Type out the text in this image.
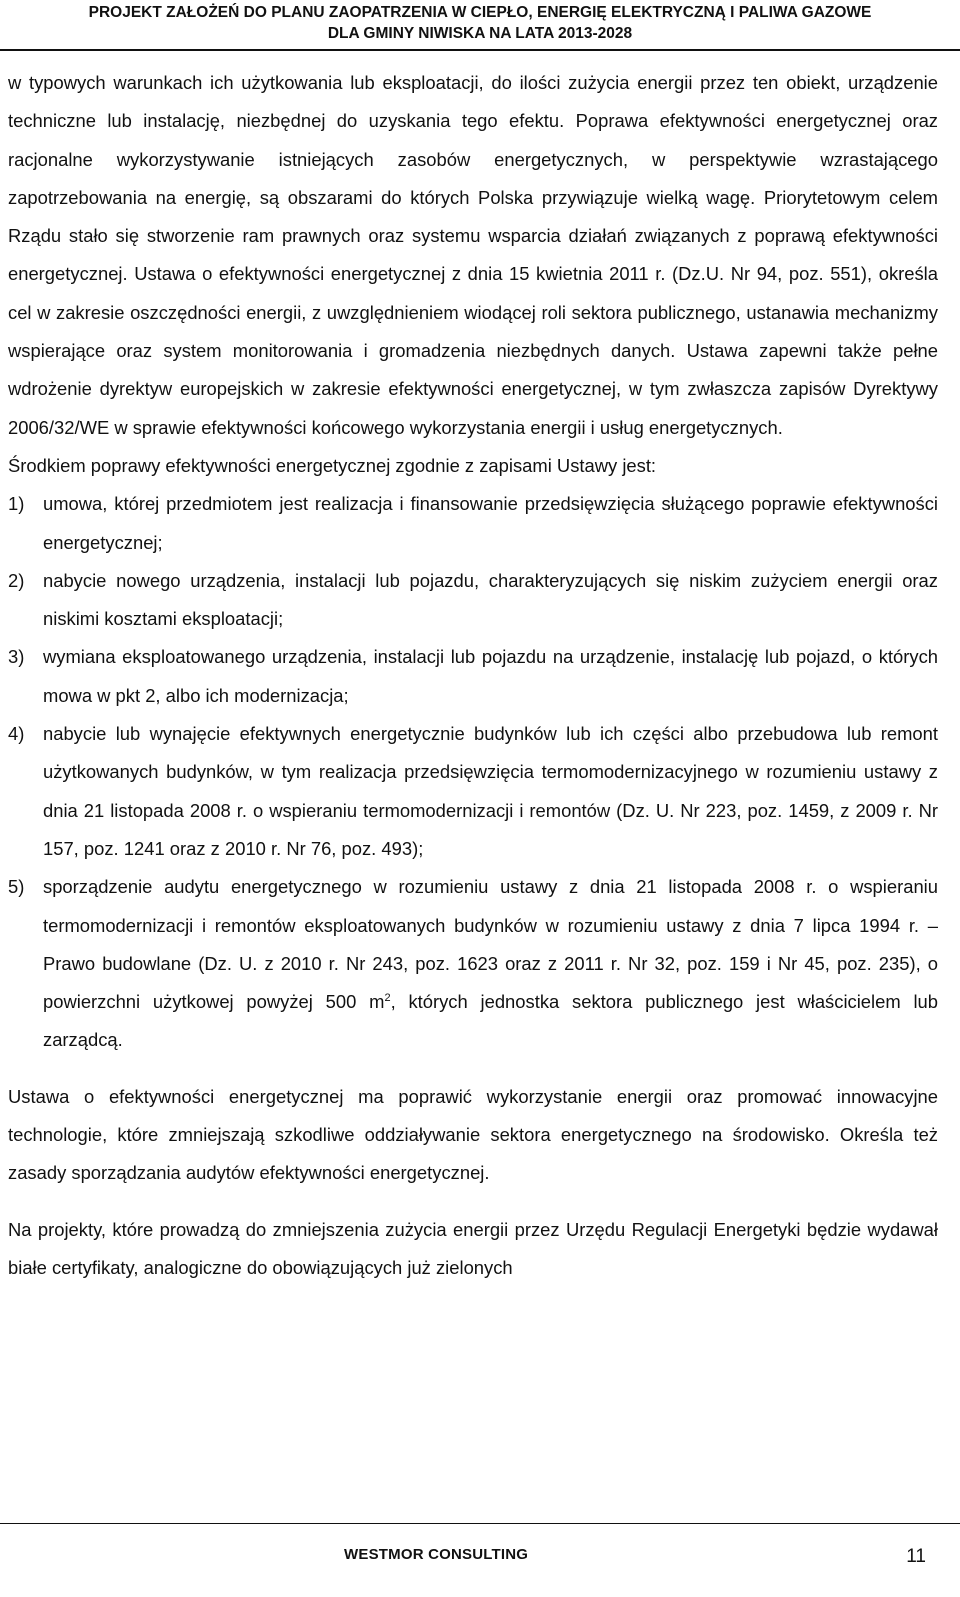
PROJEKT ZAŁOŻEŃ DO PLANU ZAOPATRZENIA W CIEPŁO, ENERGIĘ ELEKTRYCZNĄ I PALIWA GAZOWE
DLA GMINY NIWISKA NA LATA 2013-2028

w typowych warunkach ich użytkowania lub eksploatacji, do ilości zużycia energii przez ten obiekt, urządzenie techniczne lub instalację, niezbędnej do uzyskania tego efektu. Poprawa efektywności energetycznej oraz racjonalne wykorzystywanie istniejących zasobów energetycznych, w perspektywie wzrastającego zapotrzebowania na energię, są obszarami do których Polska przywiązuje wielką wagę. Priorytetowym celem Rządu stało się stworzenie ram prawnych oraz systemu wsparcia działań związanych z poprawą efektywności energetycznej. Ustawa o efektywności energetycznej z dnia 15 kwietnia 2011 r. (Dz.U. Nr 94, poz. 551), określa cel w zakresie oszczędności energii, z uwzględnieniem wiodącej roli sektora publicznego, ustanawia mechanizmy wspierające oraz system monitorowania i gromadzenia niezbędnych danych. Ustawa zapewni także pełne wdrożenie dyrektyw europejskich w zakresie efektywności energetycznej, w tym zwłaszcza zapisów Dyrektywy 2006/32/WE w sprawie efektywności końcowego wykorzystania energii i usług energetycznych.

Środkiem poprawy efektywności energetycznej zgodnie z zapisami Ustawy jest:

1) umowa, której przedmiotem jest realizacja i finansowanie przedsięwzięcia służącego poprawie efektywności energetycznej;
2) nabycie nowego urządzenia, instalacji lub pojazdu, charakteryzujących się niskim zużyciem energii oraz niskimi kosztami eksploatacji;
3) wymiana eksploatowanego urządzenia, instalacji lub pojazdu na urządzenie, instalację lub pojazd, o których mowa w pkt 2, albo ich modernizacja;
4) nabycie lub wynajęcie efektywnych energetycznie budynków lub ich części albo przebudowa lub remont użytkowanych budynków, w tym realizacja przedsięwzięcia termomodernizacyjnego w rozumieniu ustawy z dnia 21 listopada 2008 r. o wspieraniu termomodernizacji i remontów (Dz. U. Nr 223, poz. 1459, z 2009 r. Nr 157, poz. 1241 oraz z 2010 r. Nr 76, poz. 493);
5) sporządzenie audytu energetycznego w rozumieniu ustawy z dnia 21 listopada 2008 r. o wspieraniu termomodernizacji i remontów eksploatowanych budynków w rozumieniu ustawy z dnia 7 lipca 1994 r. – Prawo budowlane (Dz. U. z 2010 r. Nr 243, poz. 1623 oraz z 2011 r. Nr 32, poz. 159 i Nr 45, poz. 235), o powierzchni użytkowej powyżej 500 $m^2$, których jednostka sektora publicznego jest właścicielem lub zarządcą.

Ustawa o efektywności energetycznej ma poprawić wykorzystanie energii oraz promować innowacyjne technologie, które zmniejszają szkodliwe oddziaływanie sektora energetycznego na środowisko. Określa też zasady sporządzania audytów efektywności energetycznej.

Na projekty, które prowadzą do zmniejszenia zużycia energii przez Urzędu Regulacji Energetyki będzie wydawał białe certyfikaty, analogiczne do obowiązujących już zielonych

WESTMOR CONSULTING	11
